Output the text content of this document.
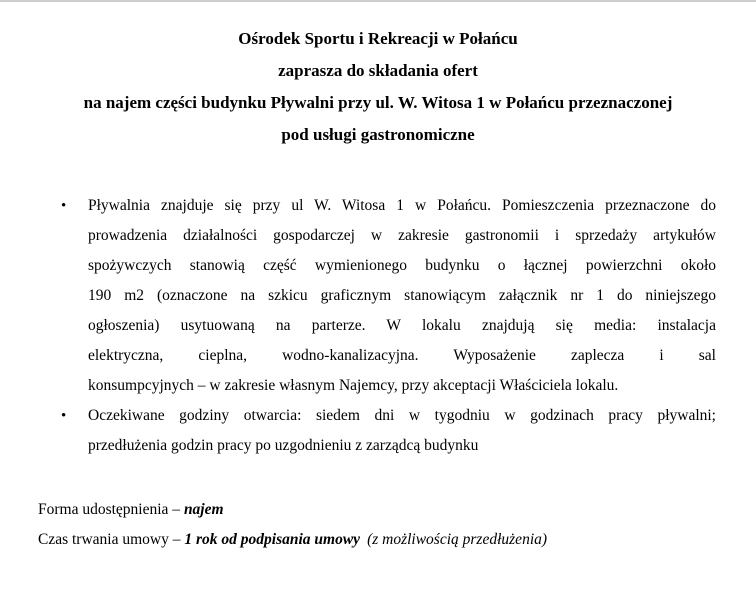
Ośrodek Sportu i Rekreacji w Połańcu
zaprasza do składania ofert
na najem części budynku Pływalni przy ul. W. Witosa 1 w Połańcu przeznaczonej
pod usługi gastronomiczne
• Pływalnia znajduje się przy ul W. Witosa 1 w Połańcu. Pomieszczenia przeznaczone do
prowadzenia działalności gospodarczej w zakresie gastronomii i sprzedaży artykułów
spożywczych stanowią część wymienionego budynku o łącznej powierzchni około
190 m2 (oznaczone na szkicu graficznym stanowiącym załącznik nr 1 do niniejszego
ogłoszenia) usytuowaną na parterze. W lokalu znajdują się media: instalacja
elektryczna, cieplna, wodno-kanalizacyjna. Wyposażenie zaplecza i sal
konsumpcyjnych – w zakresie własnym Najemcy, przy akceptacji Właściciela lokalu.
• Oczekiwane godziny otwarcia: siedem dni w tygodniu w godzinach pracy pływalni;
przedłużenia godzin pracy po uzgodnieniu z zarządcą budynku

Forma udostępnienia – najem

Czas trwania umowy – 1 rok od podpisania umowy (z możliwością przedłużenia)
